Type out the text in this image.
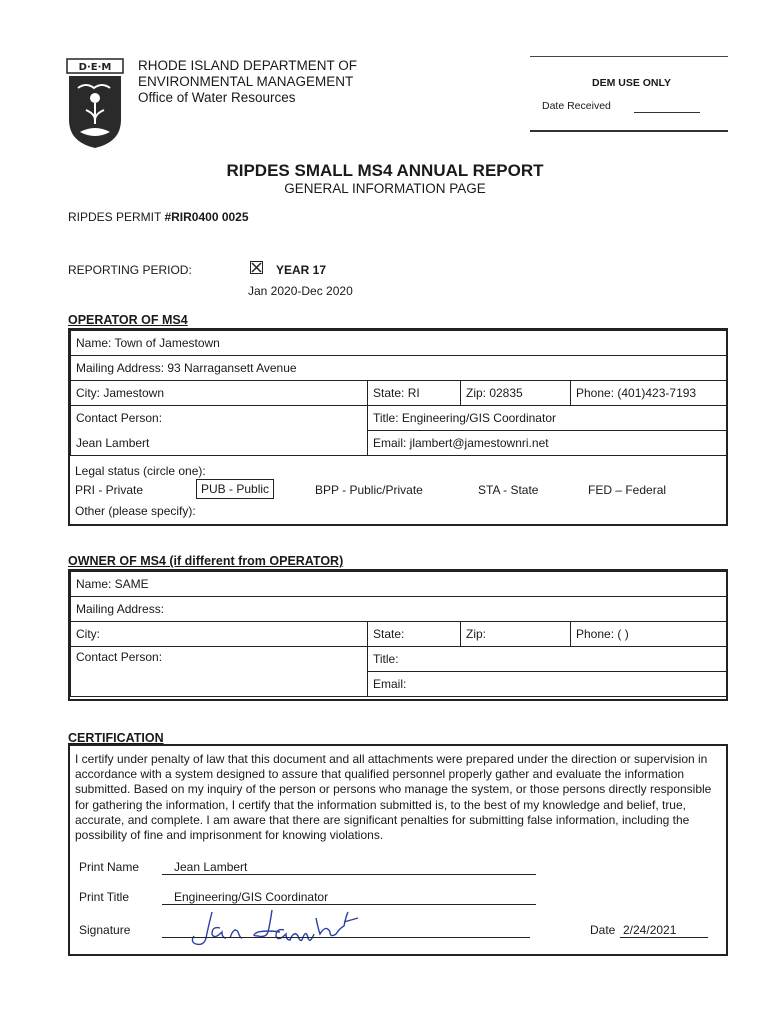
D·E·M RHODE ISLAND DEPARTMENT OF
ENVIRONMENTAL MANAGEMENT
Office of Water Resources
DEM USE ONLY
Date Received
RIPDES SMALL MS4 ANNUAL REPORT
GENERAL INFORMATION PAGE
RIPDES PERMIT #RIR0400 0025
REPORTING PERIOD:	YEAR 17
Jan 2020-Dec 2020
OPERATOR OF MS4
Name: Town of Jamestown			
Mailing Address: 93 Narragansett Avenue			
City: Jamestown	State: RI	Zip: 02835	Phone: (401)423-7193
Contact Person:	Title: Engineering/GIS Coordinator		
Jean Lambert	Email: jlambert@jamestownri.net		
Legal status (circle one):
PRI - Private	PUB - Public	BPP - Public/Private	STA - State	FED – Federal
Other (please specify):
OWNER OF MS4 (if different from OPERATOR)
Name: SAME			
Mailing Address:			
City:	State:	Zip:	Phone: ( )
Contact Person:	Title:		
	Email:		
CERTIFICATION
I certify under penalty of law that this document and all attachments were prepared under the direction or supervision in accordance with a system designed to assure that qualified personnel properly gather and evaluate the information submitted. Based on my inquiry of the person or persons who manage the system, or those persons directly responsible for gathering the information, I certify that the information submitted is, to the best of my knowledge and belief, true, accurate, and complete. I am aware that there are significant penalties for submitting false information, including the possibility of fine and imprisonment for knowing violations.
Print Name	Jean Lambert
Print Title	Engineering/GIS Coordinator
Signature	Date 2/24/2021
